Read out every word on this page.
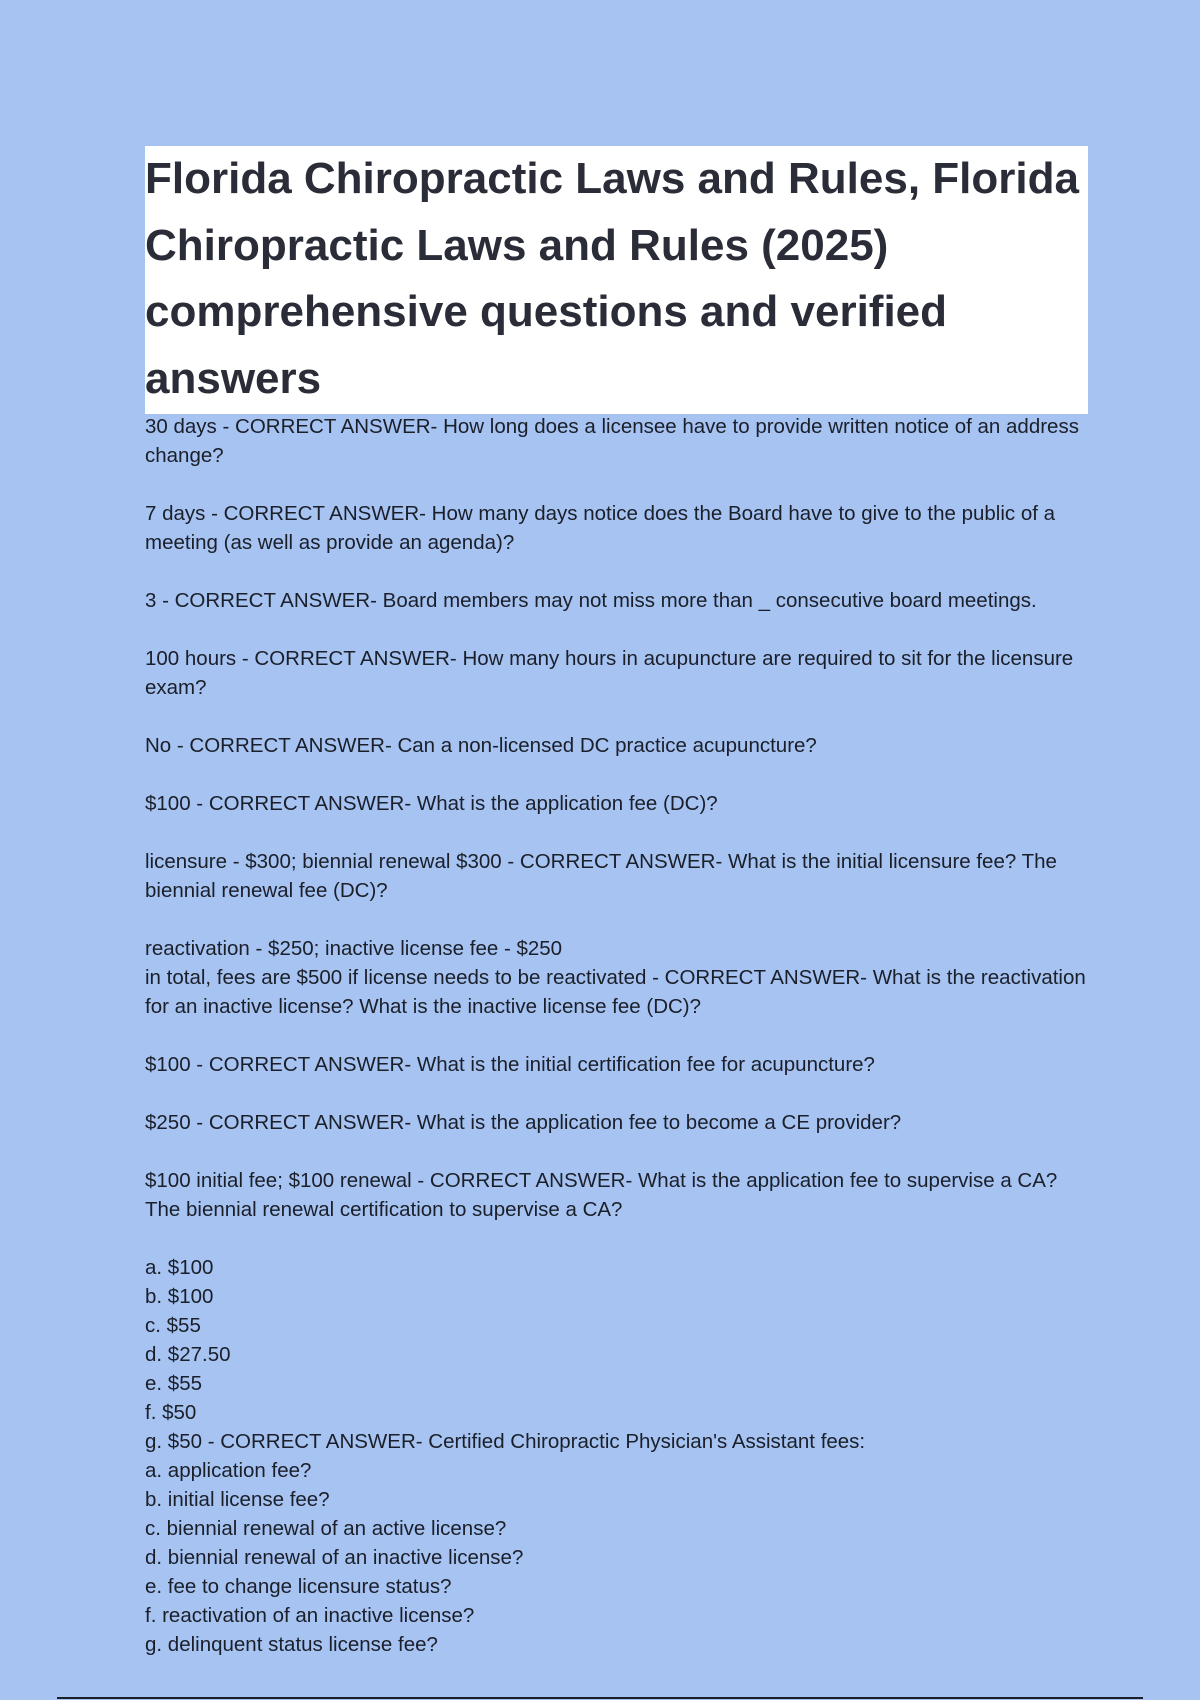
Florida Chiropractic Laws and Rules, Florida Chiropractic Laws and Rules (2025) comprehensive questions and verified answers

30 days - CORRECT ANSWER- How long does a licensee have to provide written notice of an address change?

7 days - CORRECT ANSWER- How many days notice does the Board have to give to the public of a meeting (as well as provide an agenda)?

3 - CORRECT ANSWER- Board members may not miss more than _ consecutive board meetings.

100 hours - CORRECT ANSWER- How many hours in acupuncture are required to sit for the licensure exam?

No - CORRECT ANSWER- Can a non-licensed DC practice acupuncture?

$100 - CORRECT ANSWER- What is the application fee (DC)?

licensure - $300; biennial renewal $300 - CORRECT ANSWER- What is the initial licensure fee? The biennial renewal fee (DC)?

reactivation - $250; inactive license fee - $250
in total, fees are $500 if license needs to be reactivated - CORRECT ANSWER- What is the reactivation for an inactive license? What is the inactive license fee (DC)?

$100 - CORRECT ANSWER- What is the initial certification fee for acupuncture?

$250 - CORRECT ANSWER- What is the application fee to become a CE provider?

$100 initial fee; $100 renewal - CORRECT ANSWER- What is the application fee to supervise a CA? The biennial renewal certification to supervise a CA?

a. $100

b. $100

c. $55

d. $27.50

e. $55

f. $50

g. $50 - CORRECT ANSWER- Certified Chiropractic Physician's Assistant fees:

a. application fee?

b. initial license fee?

c. biennial renewal of an active license?

d. biennial renewal of an inactive license?

e. fee to change licensure status?

f. reactivation of an inactive license?

g. delinquent status license fee?
